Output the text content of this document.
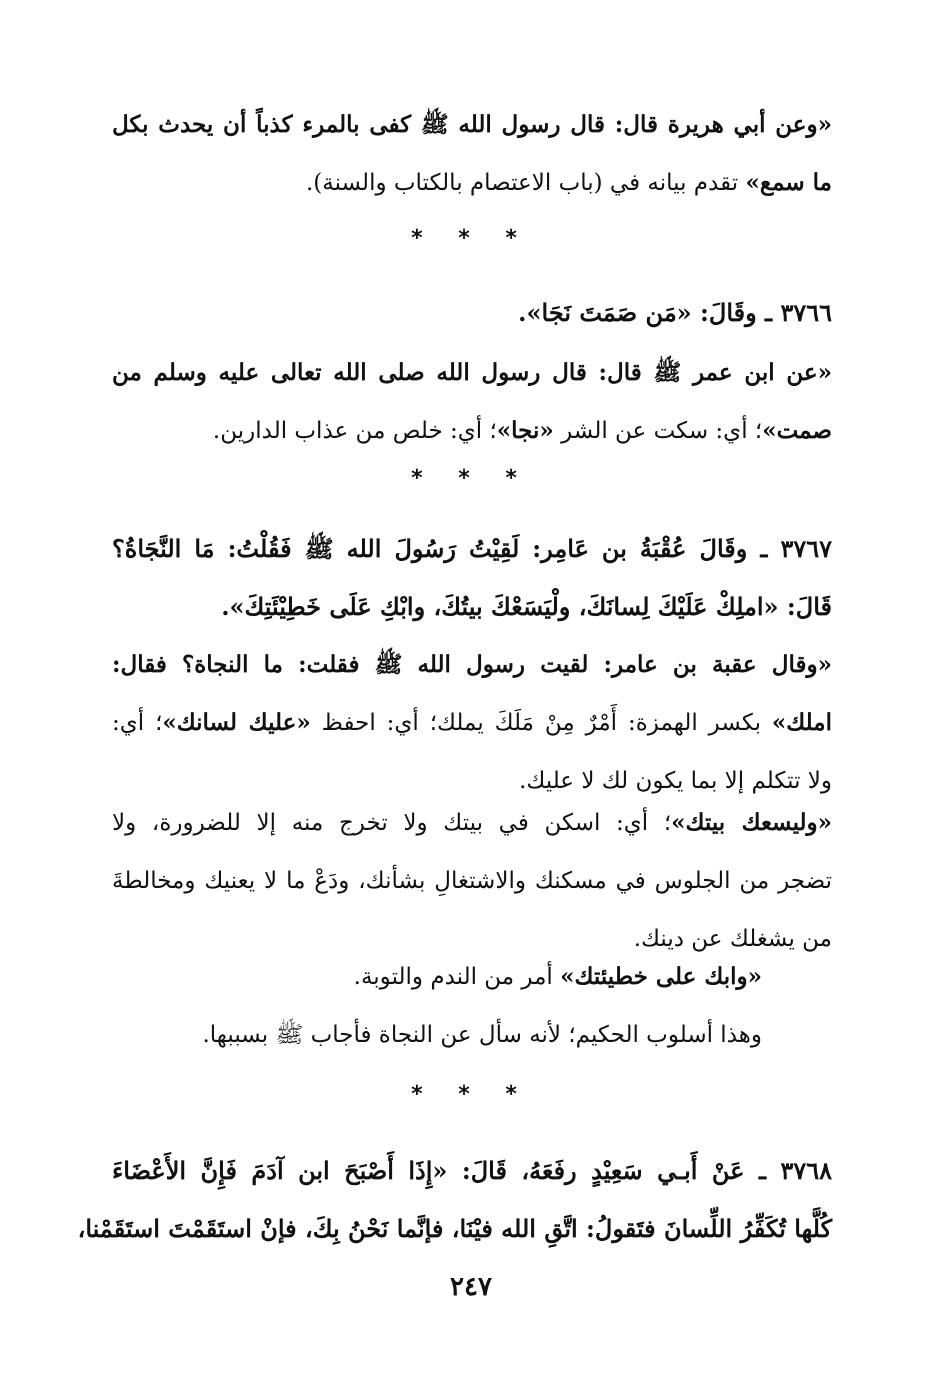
«وعن أبي هريرة قال: قال رسول الله ﷺ كفى بالمرء كذباً أن يحدث بكل
ما سمع» تقدم بيانه في (باب الاعتصام بالكتاب والسنة).
* * *
٣٧٦٦ ـ وقَالَ: «مَن صَمَتَ نَجَا».
«عن ابن عمر ﷺ قال: قال رسول الله صلى الله تعالى عليه وسلم من
صمت»؛ أي: سكت عن الشر «نجا»؛ أي: خلص من عذاب الدارين.
* * *
٣٧٦٧ ـ وقَالَ عُقْبَةُ بن عَامِر: لَقِيْتُ رَسُولَ الله ﷺ فَقُلْتُ: مَا النَّجَاةُ؟
قَالَ: «املِكْ عَلَيْكَ لِسانَكَ، ولْيَسَعْكَ بيتُكَ، وابْكِ عَلَى خَطِيْئَتِكَ».
«وقال عقبة بن عامر: لقيت رسول الله ﷺ فقلت: ما النجاة؟ فقال:
املك» بكسر الهمزة: أَمْرٌ مِنْ مَلَكَ يملك؛ أي: احفظ «عليك لسانك»؛ أي:
ولا تتكلم إلا بما يكون لك لا عليك.
«وليسعك بيتك»؛ أي: اسكن في بيتك ولا تخرج منه إلا للضرورة، ولا
تضجر من الجلوس في مسكنك والاشتغالِ بشأنك، ودَعْ ما لا يعنيك ومخالطةَ
من يشغلك عن دينك.
«وابك على خطيئتك» أمر من الندم والتوبة.
وهذا أسلوب الحكيم؛ لأنه سأل عن النجاة فأجاب ﷺ بسببها.
* * *
٣٧٦٨ ـ عَنْ أَبـي سَعِيْدٍ رفَعَهُ، قَالَ: «إِذَا أَصْبَحَ ابن آدَمَ فَإِنَّ الأَعْضَاءَ
كُلَّها تُكَفِّرُ اللِّسانَ فتَقولُ: اتَّقِ الله فيْنَا، فإنَّما نَحْنُ بِكَ، فإنْ استَقَمْتَ استَقَمْنا،
٢٤٧
